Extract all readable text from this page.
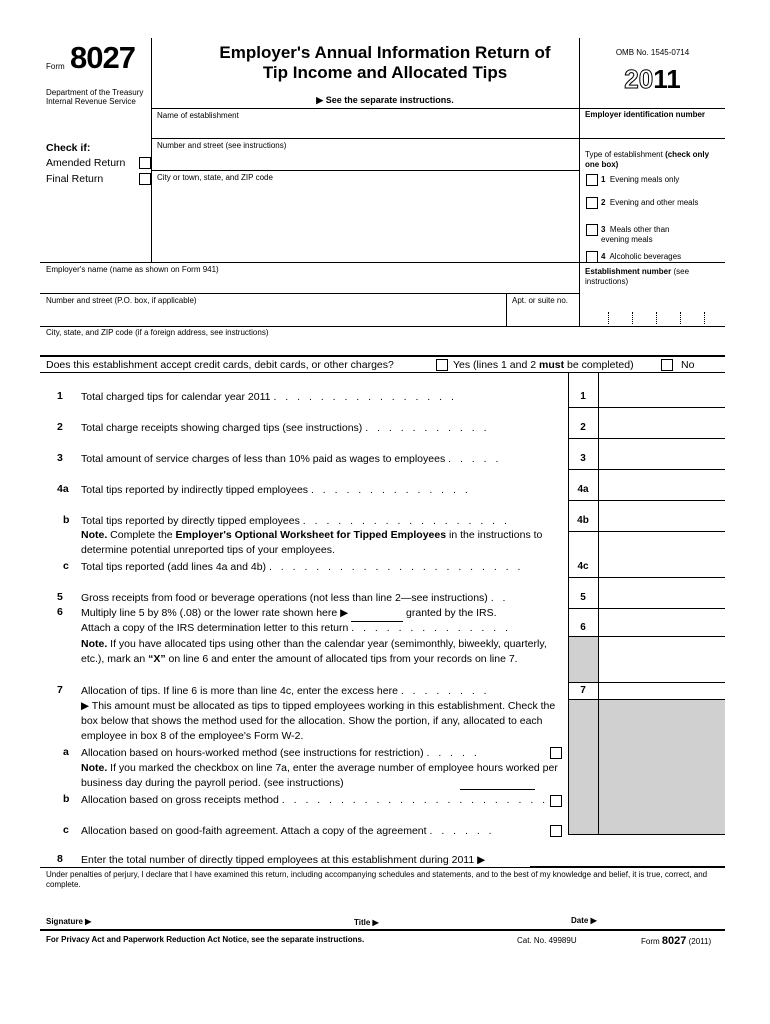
Form 8027
Department of the Treasury
Internal Revenue Service
Employer's Annual Information Return of
Tip Income and Allocated Tips
▶ See the separate instructions.
OMB No. 1545-0714
2011
Name of establishment
Number and street (see instructions)
City or town, state, and ZIP code
Employer identification number
Type of establishment (check only one box)
1 Evening meals only
2 Evening and other meals
3 Meals other than evening meals
4 Alcoholic beverages
Check if:
Amended Return
Final Return
Employer's name (name as shown on Form 941)	Establishment number (see instructions)
Number and street (P.O. box, if applicable)	Apt. or suite no.
City, state, and ZIP code (if a foreign address, see instructions)
Does this establishment accept credit cards, debit cards, or other charges?	Yes (lines 1 and 2 must be completed)	No
1 Total charged tips for calendar year 2011 . . . . . . . . . . . . . . . .	1
2 Total charge receipts showing charged tips (see instructions) . . . . . . . . . . .	2
3 Total amount of service charges of less than 10% paid as wages to employees . . . . .	3
4a Total tips reported by indirectly tipped employees . . . . . . . . . . . . . .	4a
b Total tips reported by directly tipped employees . . . . . . . . . . . . . . . . . .	4b
Note. Complete the Employer's Optional Worksheet for Tipped Employees in the instructions to determine potential unreported tips of your employees.
c Total tips reported (add lines 4a and 4b) . . . . . . . . . . . . . . . . . . . . . .	4c
5 Gross receipts from food or beverage operations (not less than line 2—see instructions) . .	5
6 Multiply line 5 by 8% (.08) or the lower rate shown here ▶	granted by the IRS.
Attach a copy of the IRS determination letter to this return . . . . . . . . . . . . . .	6
Note. If you have allocated tips using other than the calendar year (semimonthly, biweekly, quarterly, etc.), mark an “X” on line 6 and enter the amount of allocated tips from your records on line 7.
7 Allocation of tips. If line 6 is more than line 4c, enter the excess here . . . . . . . .	7
▶ This amount must be allocated as tips to tipped employees working in this establishment. Check the box below that shows the method used for the allocation. Show the portion, if any, allocated to each employee in box 8 of the employee's Form W-2.
a Allocation based on hours-worked method (see instructions for restriction) . . . . .
Note. If you marked the checkbox on line 7a, enter the average number of employee hours worked per business day during the payroll period. (see instructions)
b Allocation based on gross receipts method . . . . . . . . . . . . . . . . . . . . . . .
c Allocation based on good-faith agreement. Attach a copy of the agreement . . . . . .
8 Enter the total number of directly tipped employees at this establishment during 2011 ▶
Under penalties of perjury, I declare that I have examined this return, including accompanying schedules and statements, and to the best of my knowledge and belief, it is true, correct, and complete.
Signature ▶	Title ▶	Date ▶
For Privacy Act and Paperwork Reduction Act Notice, see the separate instructions.	Cat. No. 49989U	Form 8027 (2011)
